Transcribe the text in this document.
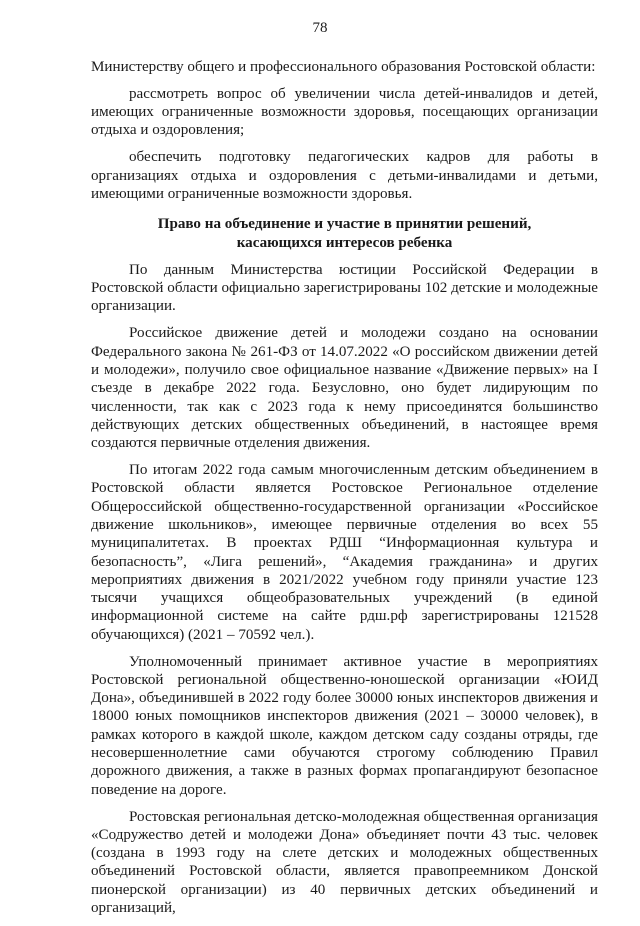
78

Министерству общего и профессионального образования Ростовской области:

рассмотреть вопрос об увеличении числа детей-инвалидов и детей, имеющих ограниченные возможности здоровья, посещающих организации отдыха и оздоровления;

обеспечить подготовку педагогических кадров для работы в организациях отдыха и оздоровления с детьми-инвалидами и детьми, имеющими ограниченные возможности здоровья.

Право на объединение и участие в принятии решений,
касающихся интересов ребенка

По данным Министерства юстиции Российской Федерации в Ростовской области официально зарегистрированы 102 детские и молодежные организации.

Российское движение детей и молодежи создано на основании Федерального закона № 261-ФЗ от 14.07.2022 «О российском движении детей и молодежи», получило свое официальное название «Движение первых» на I съезде в декабре 2022 года. Безусловно, оно будет лидирующим по численности, так как с 2023 года к нему присоединятся большинство действующих детских общественных объединений, в настоящее время создаются первичные отделения движения.

По итогам 2022 года самым многочисленным детским объединением в Ростовской области является Ростовское Региональное отделение Общероссийской общественно-государственной организации «Российское движение школьников», имеющее первичные отделения во всех 55 муниципалитетах. В проектах РДШ “Информационная культура и безопасность”, «Лига решений», “Академия гражданина» и других мероприятиях движения в 2021/2022 учебном году приняли участие 123 тысячи учащихся общеобразовательных учреждений (в единой информационной системе на сайте рдш.рф зарегистрированы 121528 обучающихся) (2021 – 70592 чел.).

Уполномоченный принимает активное участие в мероприятиях Ростовской региональной общественно-юношеской организации «ЮИД Дона», объединившей в 2022 году более 30000 юных инспекторов движения и 18000 юных помощников инспекторов движения (2021 – 30000 человек), в рамках которого в каждой школе, каждом детском саду созданы отряды, где несовершеннолетние сами обучаются строгому соблюдению Правил дорожного движения, а также в разных формах пропагандируют безопасное поведение на дороге.

Ростовская региональная детско-молодежная общественная организация «Содружество детей и молодежи Дона» объединяет почти 43 тыс. человек (создана в 1993 году на слете детских и молодежных общественных объединений Ростовской области, является правопреемником Донской пионерской организации) из 40 первичных детских объединений и организаций,
